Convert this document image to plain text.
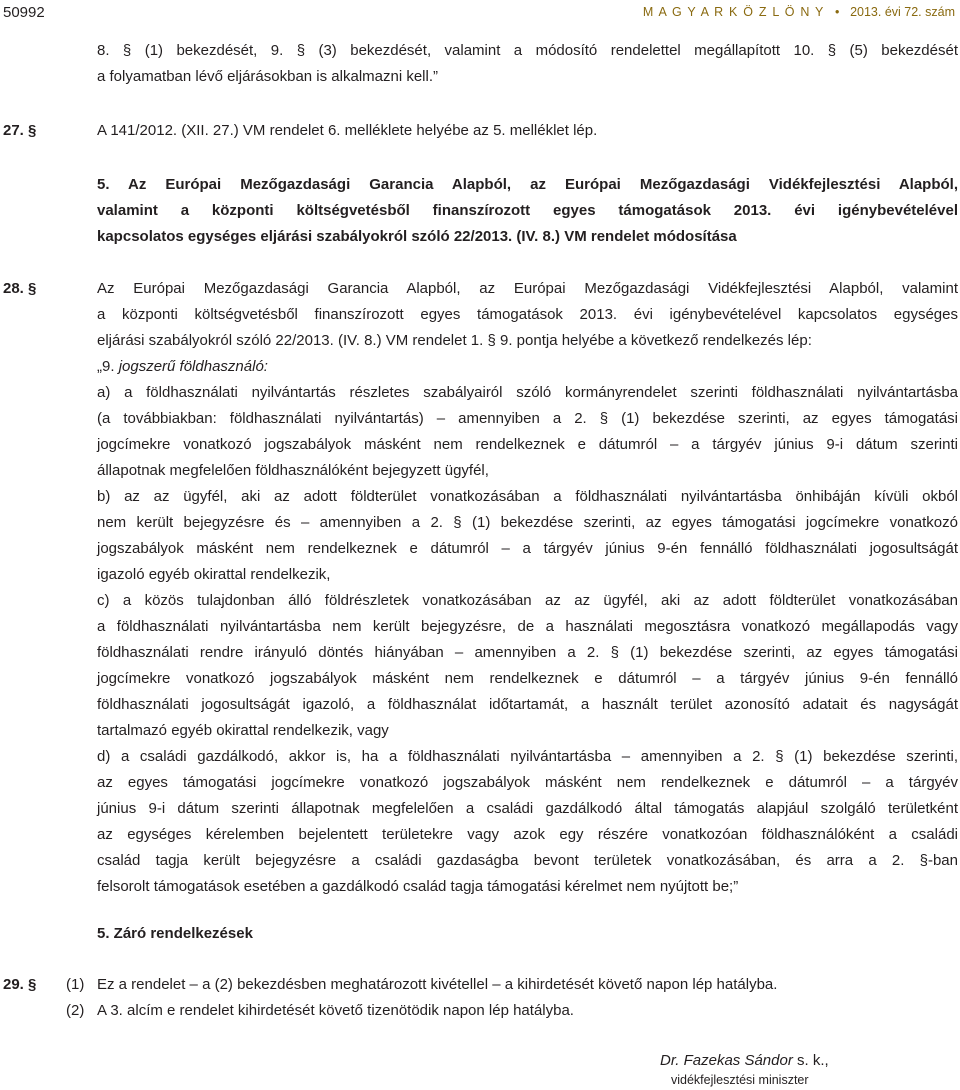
50992	M A G Y A R K Ö Z L Ö N Y • 2013. évi 72. szám
8. § (1) bekezdését, 9. § (3) bekezdését, valamint a módosító rendelettel megállapított 10. § (5) bekezdését
a folyamatban lévő eljárásokban is alkalmazni kell.”
27. §	A 141/2012. (XII. 27.) VM rendelet 6. melléklete helyébe az 5. melléklet lép.
5. Az Európai Mezőgazdasági Garancia Alapból, az Európai Mezőgazdasági Vidékfejlesztési Alapból,
valamint a központi költségvetésből finanszírozott egyes támogatások 2013. évi igénybevételével
kapcsolatos egységes eljárási szabályokról szóló 22/2013. (IV. 8.) VM rendelet módosítása
28. §	Az Európai Mezőgazdasági Garancia Alapból, az Európai Mezőgazdasági Vidékfejlesztési Alapból, valamint
a központi költségvetésből finanszírozott egyes támogatások 2013. évi igénybevételével kapcsolatos egységes
eljárási szabályokról szóló 22/2013. (IV. 8.) VM rendelet 1. § 9. pontja helyébe a következő rendelkezés lép:
„9. jogszerű földhasználó:
a) a földhasználati nyilvántartás részletes szabályairól szóló kormányrendelet szerinti földhasználati nyilvántartásba
(a továbbiakban: földhasználati nyilvántartás) – amennyiben a 2. § (1) bekezdése szerinti, az egyes támogatási
jogcímekre vonatkozó jogszabályok másként nem rendelkeznek e dátumról – a tárgyév június 9-i dátum szerinti
állapotnak megfelelően földhasználóként bejegyzett ügyfél,
b) az az ügyfél, aki az adott földterület vonatkozásában a földhasználati nyilvántartásba önhibáján kívüli okból
nem került bejegyzésre és – amennyiben a 2. § (1) bekezdése szerinti, az egyes támogatási jogcímekre vonatkozó
jogszabályok másként nem rendelkeznek e dátumról – a tárgyév június 9-én fennálló földhasználati jogosultságát
igazoló egyéb okirattal rendelkezik,
c) a közös tulajdonban álló földrészletek vonatkozásában az az ügyfél, aki az adott földterület vonatkozásában
a földhasználati nyilvántartásba nem került bejegyzésre, de a használati megosztásra vonatkozó megállapodás vagy
földhasználati rendre irányuló döntés hiányában – amennyiben a 2. § (1) bekezdése szerinti, az egyes támogatási
jogcímekre vonatkozó jogszabályok másként nem rendelkeznek e dátumról – a tárgyév június 9-én fennálló
földhasználati jogosultságát igazoló, a földhasználat időtartamát, a használt terület azonosító adatait és nagyságát
tartalmazó egyéb okirattal rendelkezik, vagy
d) a családi gazdálkodó, akkor is, ha a földhasználati nyilvántartásba – amennyiben a 2. § (1) bekezdése szerinti,
az egyes támogatási jogcímekre vonatkozó jogszabályok másként nem rendelkeznek e dátumról – a tárgyév
június 9-i dátum szerinti állapotnak megfelelően a családi gazdálkodó által támogatás alapjául szolgáló területként
az egységes kérelemben bejelentett területekre vagy azok egy részére vonatkozóan földhasználóként a családi
család tagja került bejegyzésre a családi gazdaságba bevont területek vonatkozásában, és arra a 2. §-ban
felsorolt támogatások esetében a gazdálkodó család tagja támogatási kérelmet nem nyújtott be;”
5. Záró rendelkezések
29. § (1) Ez a rendelet – a (2) bekezdésben meghatározott kivétellel – a kihirdetését követő napon lép hatályba.
(2) A 3. alcím e rendelet kihirdetését követő tizenötödik napon lép hatályba.
Dr. Fazekas Sándor s. k.,
vidékfejlesztési miniszter
